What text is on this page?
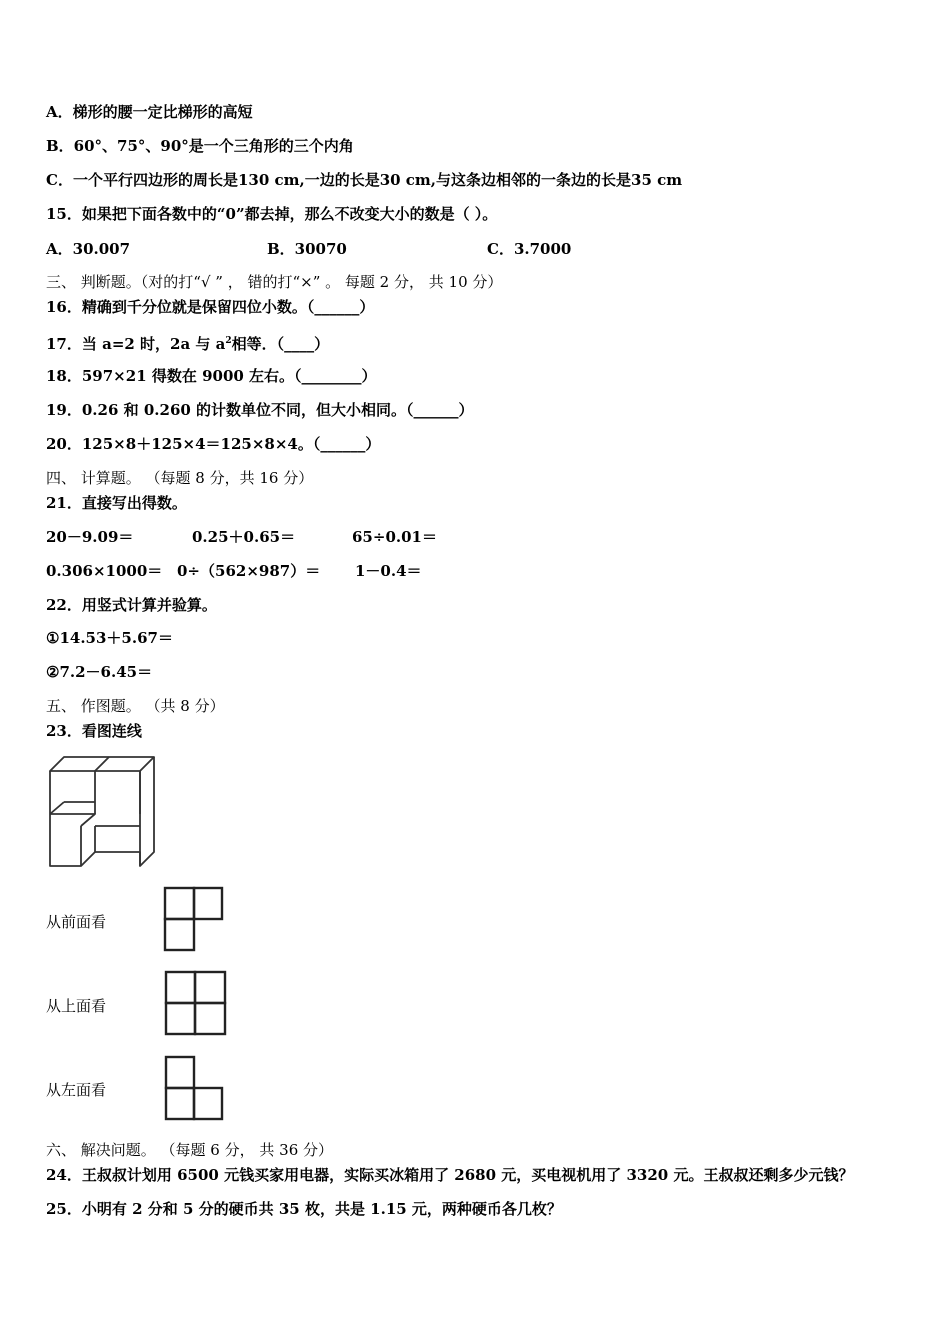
A．梯形的腰一定比梯形的高短
B．60°、75°、90°是一个三角形的三个内角
C．一个平行四边形的周长是130 cm,一边的长是30 cm,与这条边相邻的一条边的长是35 cm
15．如果把下面各数中的“0”都去掉，那么不改变大小的数是（ ）。
A．30.007	B．30070	C．3.7000
三、 判断题。（对的打“√ ” ， 错的打“×” 。 每题 2 分， 共 10 分）
16．精确到千分位就是保留四位小数。（______）
17．当 a=2 时，2a 与 $a^2$相等．（____）
18．597×21 得数在 9000 左右。（________）
19．0.26 和 0.260 的计数单位不同，但大小相同。（______）
20．125×8＋125×4＝125×8×4。（______）
四、 计算题。 （每题 8 分，共 16 分）
21．直接写出得数。
20－9.09＝	0.25＋0.65＝	65÷0.01＝
0.306×1000＝ 0÷（562×987）＝ 1－0.4＝
22．用竖式计算并验算。
①14.53＋5.67＝
②7.2－6.45＝
五、 作图题。 （共 8 分）
23．看图连线
从前面看
从上面看
从左面看
六、 解决问题。 （每题 6 分， 共 36 分）
24．王叔叔计划用 6500 元钱买家用电器，实际买冰箱用了 2680 元，买电视机用了 3320 元。王叔叔还剩多少元钱？
25．小明有 2 分和 5 分的硬币共 35 枚，共是 1.15 元，两种硬币各几枚？
